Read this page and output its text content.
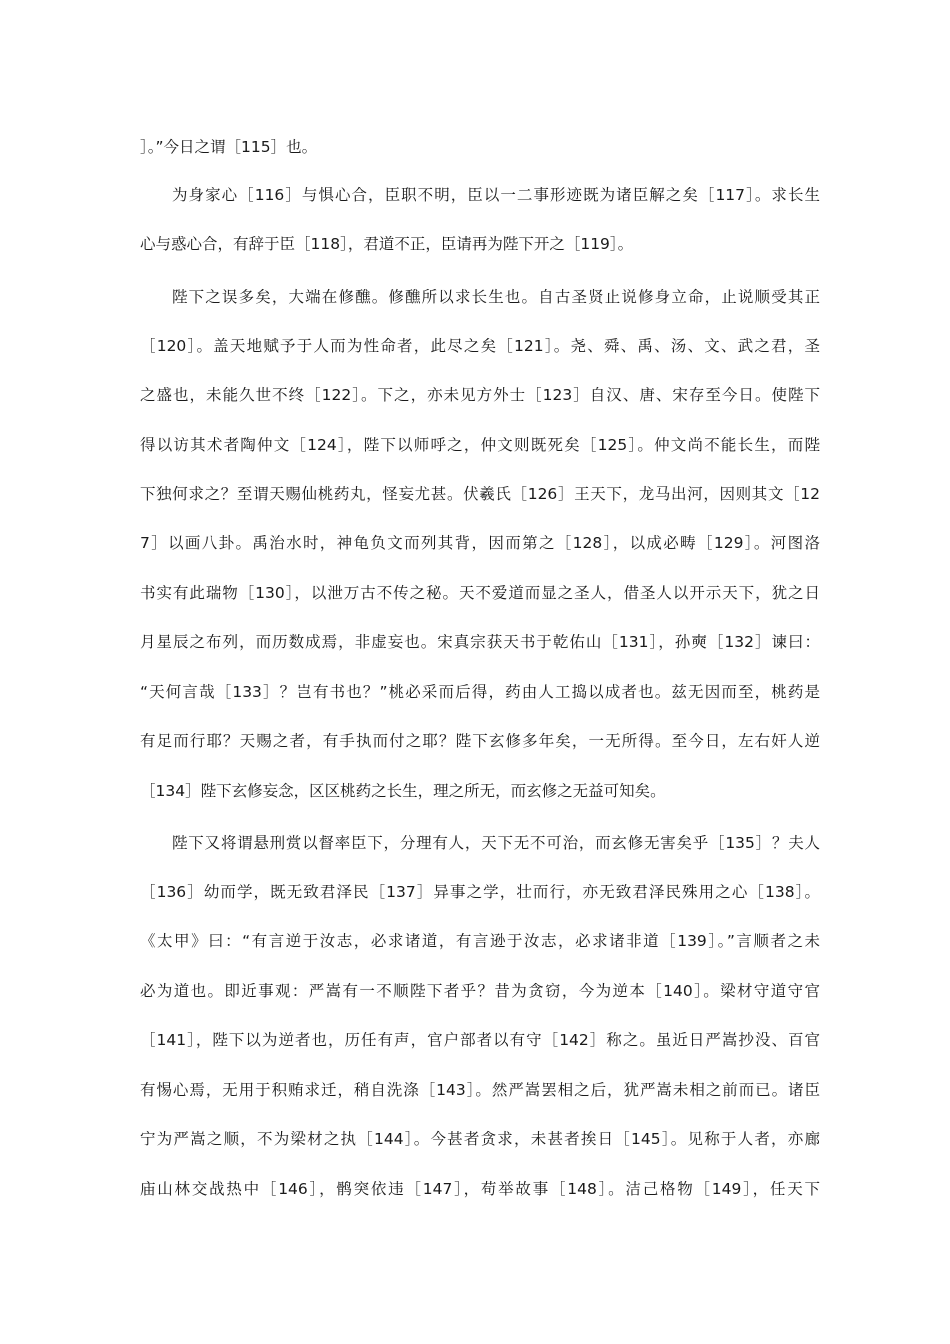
］。”今日之谓［115］也。
为身家心［116］与惧心合，臣职不明，臣以一二事形迹既为诸臣解之矣［117］。求长生
心与惑心合，有辞于臣［118］，君道不正，臣请再为陛下开之［119］。
陛下之误多矣，大端在修醮。修醮所以求长生也。自古圣贤止说修身立命，止说顺受其正
［120］。盖天地赋予于人而为性命者，此尽之矣［121］。尧、舜、禹、汤、文、武之君，圣
之盛也，未能久世不终［122］。下之，亦未见方外士［123］自汉、唐、宋存至今日。使陛下
得以访其术者陶仲文［124］，陛下以师呼之，仲文则既死矣［125］。仲文尚不能长生，而陛
下独何求之？至谓天赐仙桃药丸，怪妄尤甚。伏羲氏［126］王天下，龙马出河，因则其文［12
7］以画八卦。禹治水时，神龟负文而列其背，因而第之［128］，以成必畴［129］。河图洛
书实有此瑞物［130］，以泄万古不传之秘。天不爱道而显之圣人，借圣人以开示天下，犹之日
月星辰之布列，而历数成焉，非虚妄也。宋真宗获天书于乾佑山［131］，孙奭［132］谏曰：
“天何言哉［133］？岂有书也？”桃必采而后得，药由人工捣以成者也。兹无因而至，桃药是
有足而行耶？天赐之者，有手执而付之耶？陛下玄修多年矣，一无所得。至今日，左右奸人逆
［134］陛下玄修妄念，区区桃药之长生，理之所无，而玄修之无益可知矣。
陛下又将谓悬刑赏以督率臣下，分理有人，天下无不可治，而玄修无害矣乎［135］？夫人
［136］幼而学，既无致君泽民［137］异事之学，壮而行，亦无致君泽民殊用之心［138］。
《太甲》曰：“有言逆于汝志，必求诸道，有言逊于汝志，必求诸非道［139］。”言顺者之未
必为道也。即近事观：严嵩有一不顺陛下者乎？昔为贪窃，今为逆本［140］。梁材守道守官
［141］，陛下以为逆者也，历任有声，官户部者以有守［142］称之。虽近日严嵩抄没、百官
有惕心焉，无用于积贿求迁，稍自洗涤［143］。然严嵩罢相之后，犹严嵩未相之前而已。诸臣
宁为严嵩之顺，不为梁材之执［144］。今甚者贪求，未甚者挨日［145］。见称于人者，亦廊
庙山林交战热中［146］，鹘突依违［147］，苟举故事［148］。洁己格物［149］，任天下
